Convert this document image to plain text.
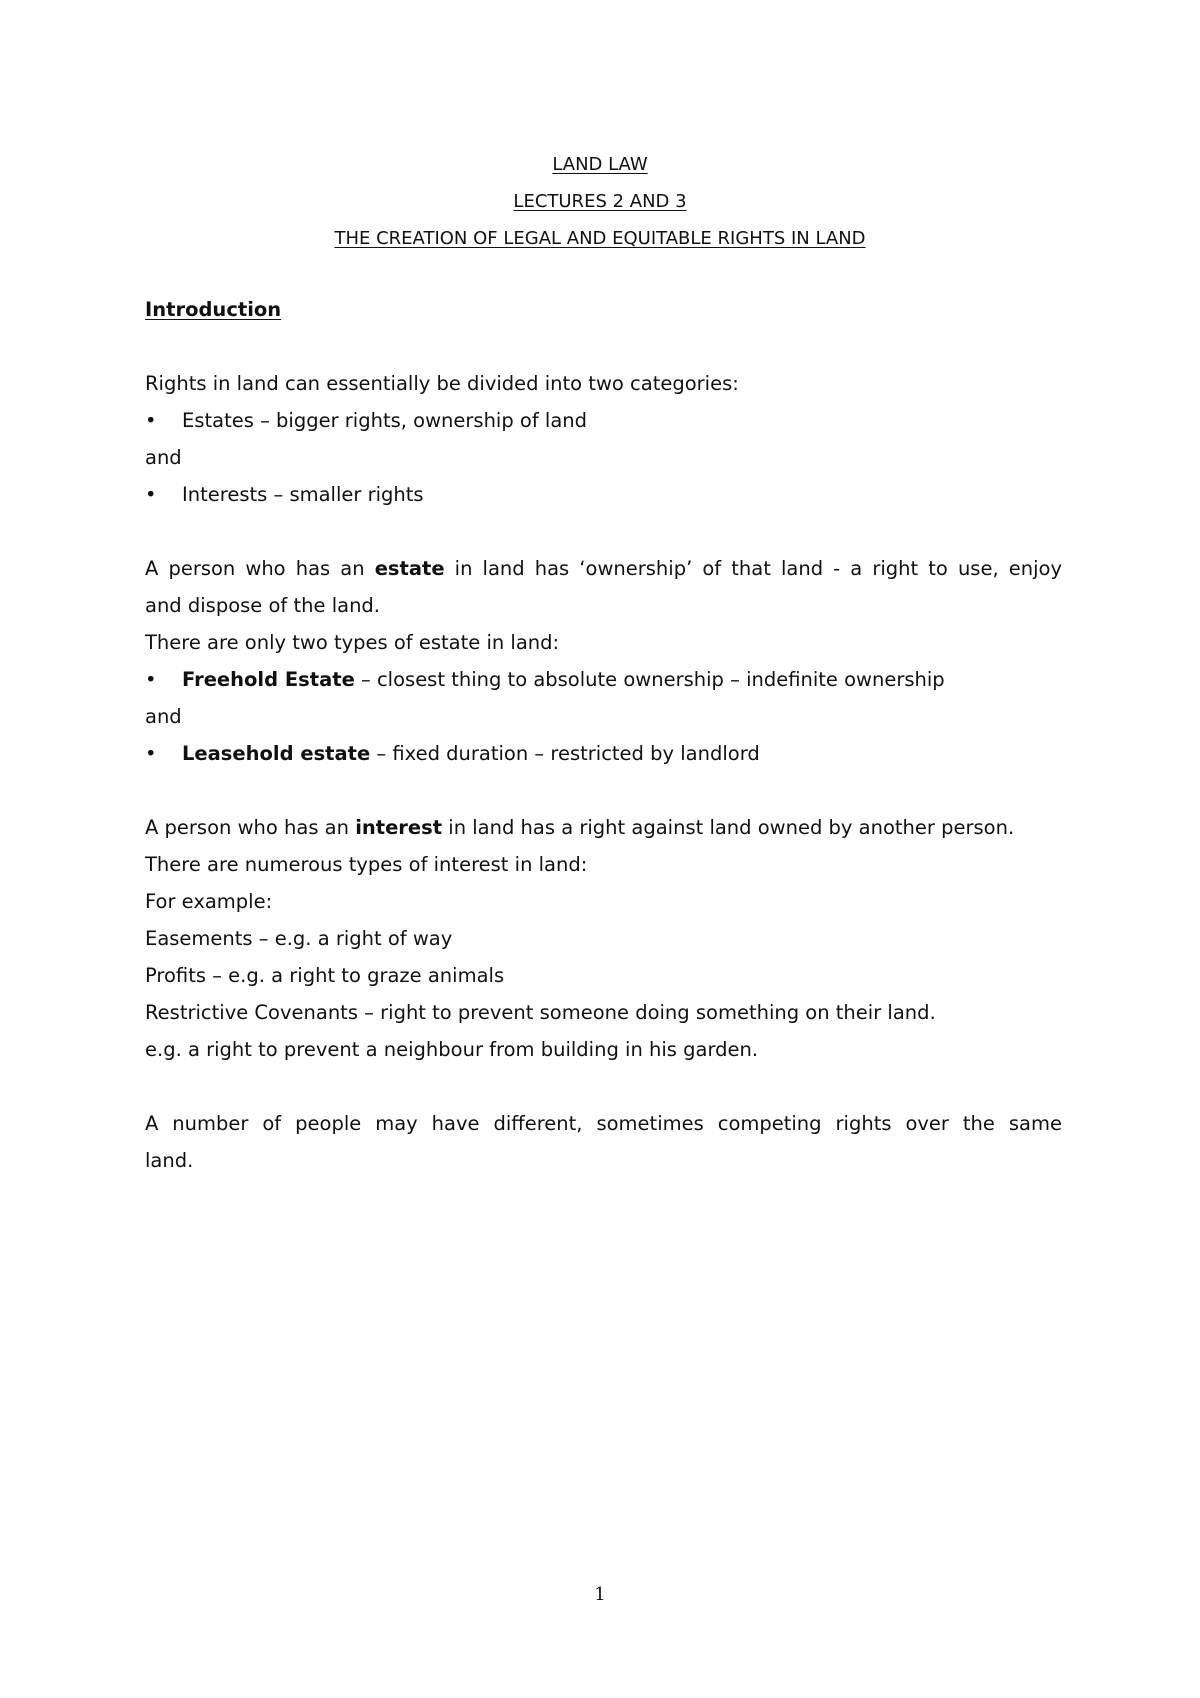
LAND LAW
LECTURES 2 AND 3
THE CREATION OF LEGAL AND EQUITABLE RIGHTS IN LAND
Introduction
Rights in land can essentially be divided into two categories:
•	Estates – bigger rights, ownership of land
and
•	Interests – smaller rights
A person who has an estate in land has ‘ownership’ of that land - a right to use, enjoy
and dispose of the land.
There are only two types of estate in land:
•	Freehold Estate – closest thing to absolute ownership – indefinite ownership
and
•	Leasehold estate – fixed duration – restricted by landlord
A person who has an interest in land has a right against land owned by another person.
There are numerous types of interest in land:
For example:
Easements – e.g. a right of way
Profits – e.g. a right to graze animals
Restrictive Covenants – right to prevent someone doing something on their land.
e.g. a right to prevent a neighbour from building in his garden.
A number of people may have different, sometimes competing rights over the same
land.
1
